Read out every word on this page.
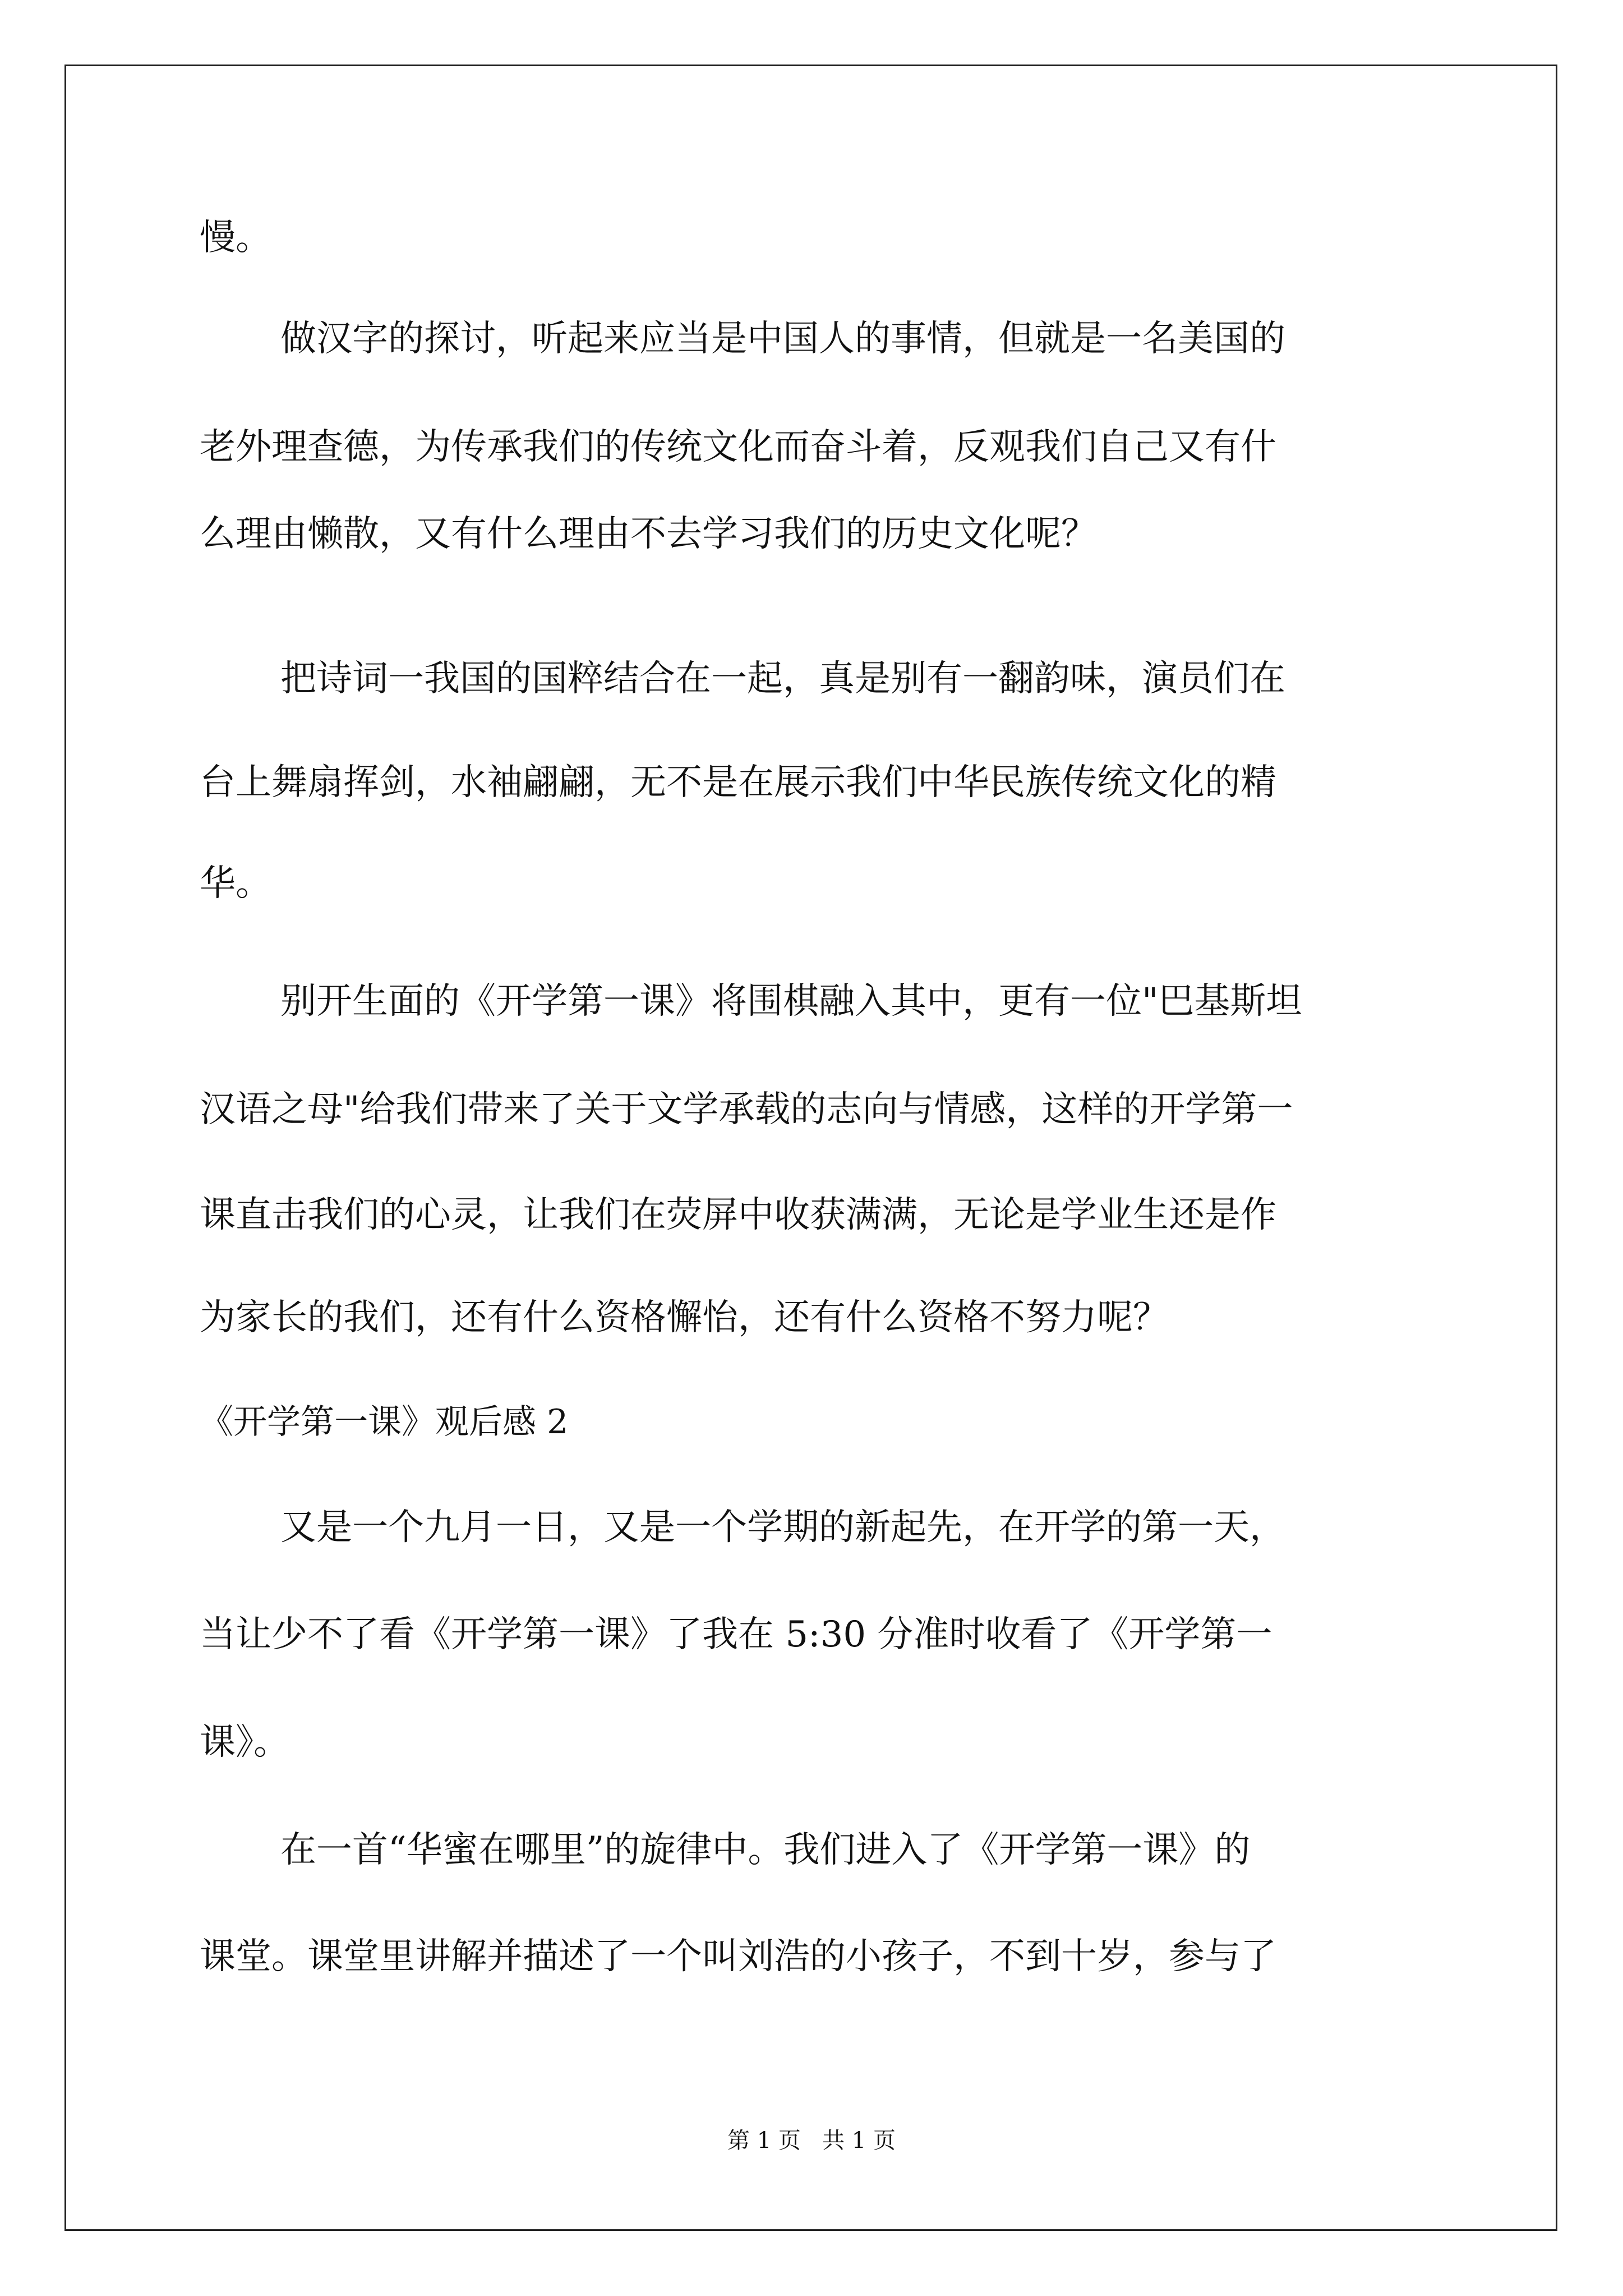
慢。
做汉字的探讨，听起来应当是中国人的事情，但就是一名美国的
老外理查德，为传承我们的传统文化而奋斗着，反观我们自己又有什
么理由懒散，又有什么理由不去学习我们的历史文化呢？
把诗词一我国的国粹结合在一起，真是别有一翻韵味，演员们在
台上舞扇挥剑，水袖翩翩，无不是在展示我们中华民族传统文化的精
华。
别开生面的《开学第一课》将围棋融入其中，更有一位"巴基斯坦
汉语之母"给我们带来了关于文学承载的志向与情感，这样的开学第一
课直击我们的心灵，让我们在荧屏中收获满满，无论是学业生还是作
为家长的我们，还有什么资格懈怡，还有什么资格不努力呢？
《开学第一课》观后感 2
又是一个九月一日，又是一个学期的新起先，在开学的第一天，
当让少不了看《开学第一课》了我在 5:30 分准时收看了《开学第一
课》。
在一首“华蜜在哪里”的旋律中。我们进入了《开学第一课》的
课堂。课堂里讲解并描述了一个叫刘浩的小孩子，不到十岁，参与了
第 1 页   共 1 页
